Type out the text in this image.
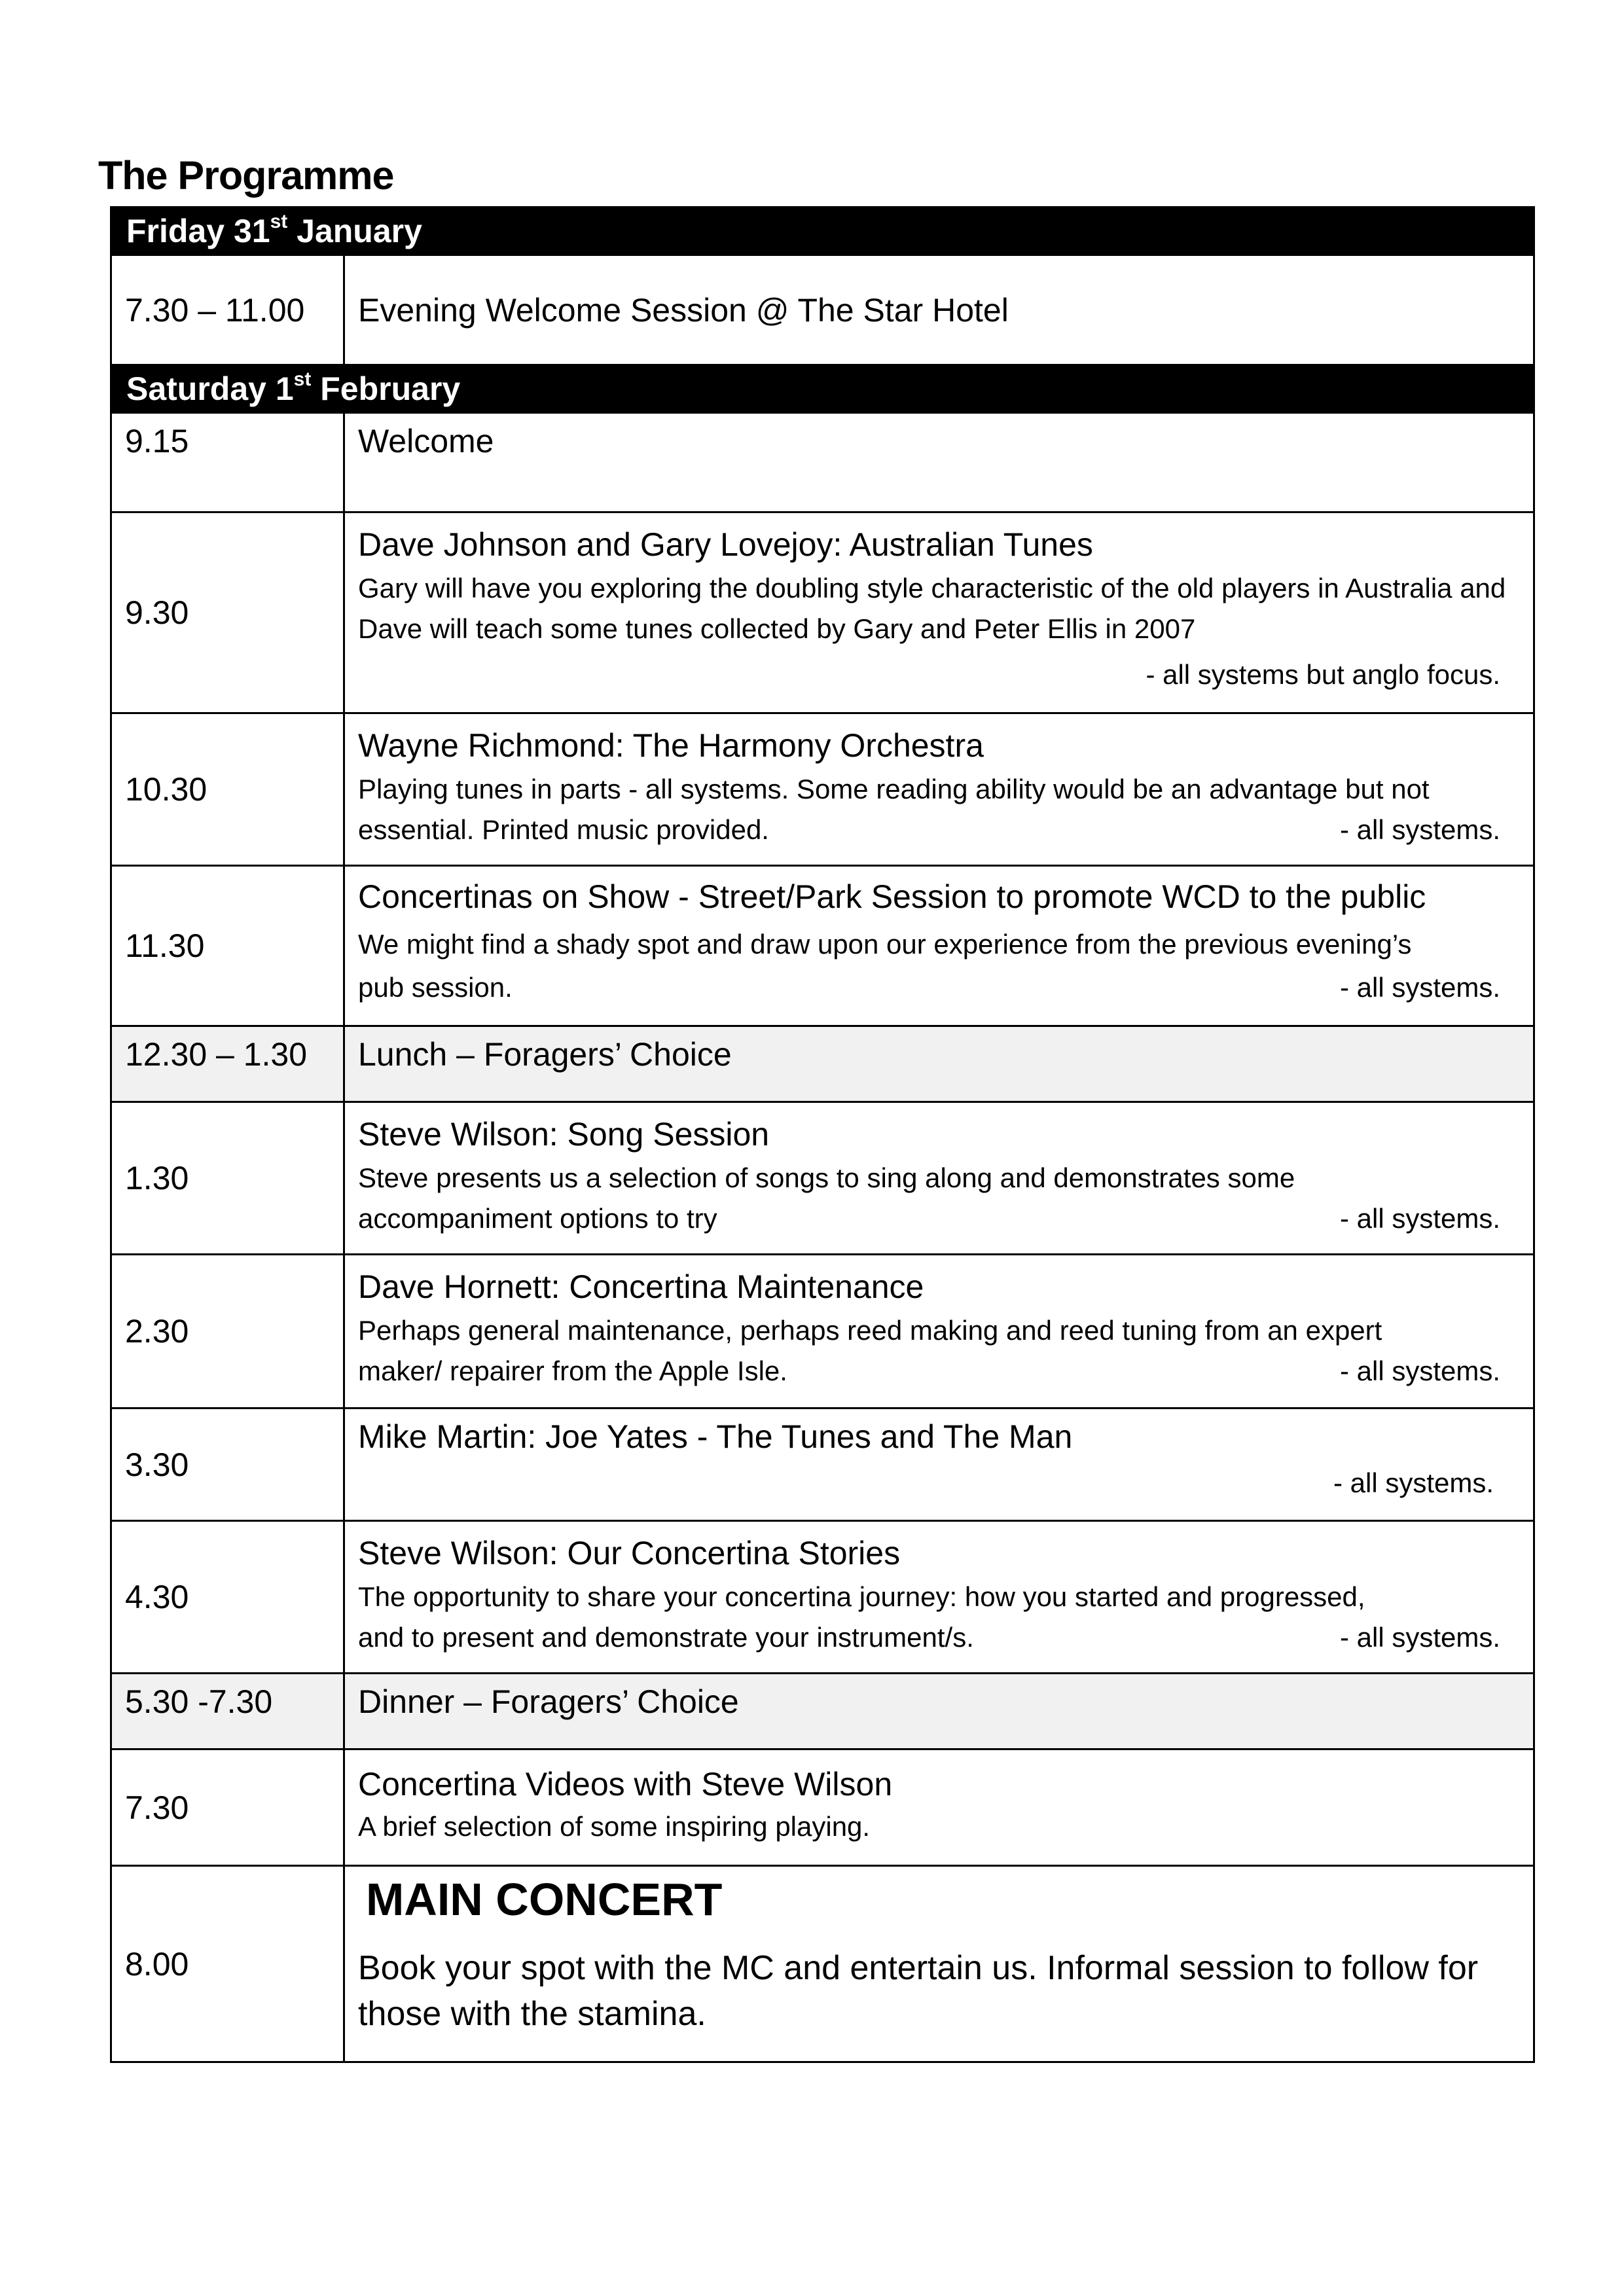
The Programme
Friday 31st January	
7.30 – 11.00	Evening Welcome Session @ The Star Hotel
Saturday 1st February	
9.15	Welcome
9.30	Dave Johnson and Gary Lovejoy: Australian Tunes
Gary will have you exploring the doubling style characteristic of the old players in Australia and Dave will teach some tunes collected by Gary and Peter Ellis in 2007
- all systems but anglo focus.

10.30	Wayne Richmond: The Harmony Orchestra
Playing tunes in parts - all systems. Some reading ability would be an advantage but not
essential. Printed music provided. - all systems.

11.30	Concertinas on Show - Street/Park Session to promote WCD to the public
We might find a shady spot and draw upon our experience from the previous evening’s
pub session. - all systems.

12.30 – 1.30	Lunch – Foragers’ Choice
1.30	Steve Wilson: Song Session
Steve presents us a selection of songs to sing along and demonstrates some
accompaniment options to try - all systems.

2.30	Dave Hornett: Concertina Maintenance
Perhaps general maintenance, perhaps reed making and reed tuning from an expert
maker/ repairer from the Apple Isle. - all systems.

3.30	Mike Martin: Joe Yates - The Tunes and The Man
- all systems.

4.30	Steve Wilson: Our Concertina Stories
The opportunity to share your concertina journey: how you started and progressed,
and to present and demonstrate your instrument/s. - all systems.

5.30 -7.30	Dinner – Foragers’ Choice
7.30	Concertina Videos with Steve Wilson
A brief selection of some inspiring playing.

8.00	MAIN CONCERT
Book your spot with the MC and entertain us. Informal session to follow for those with the stamina.
